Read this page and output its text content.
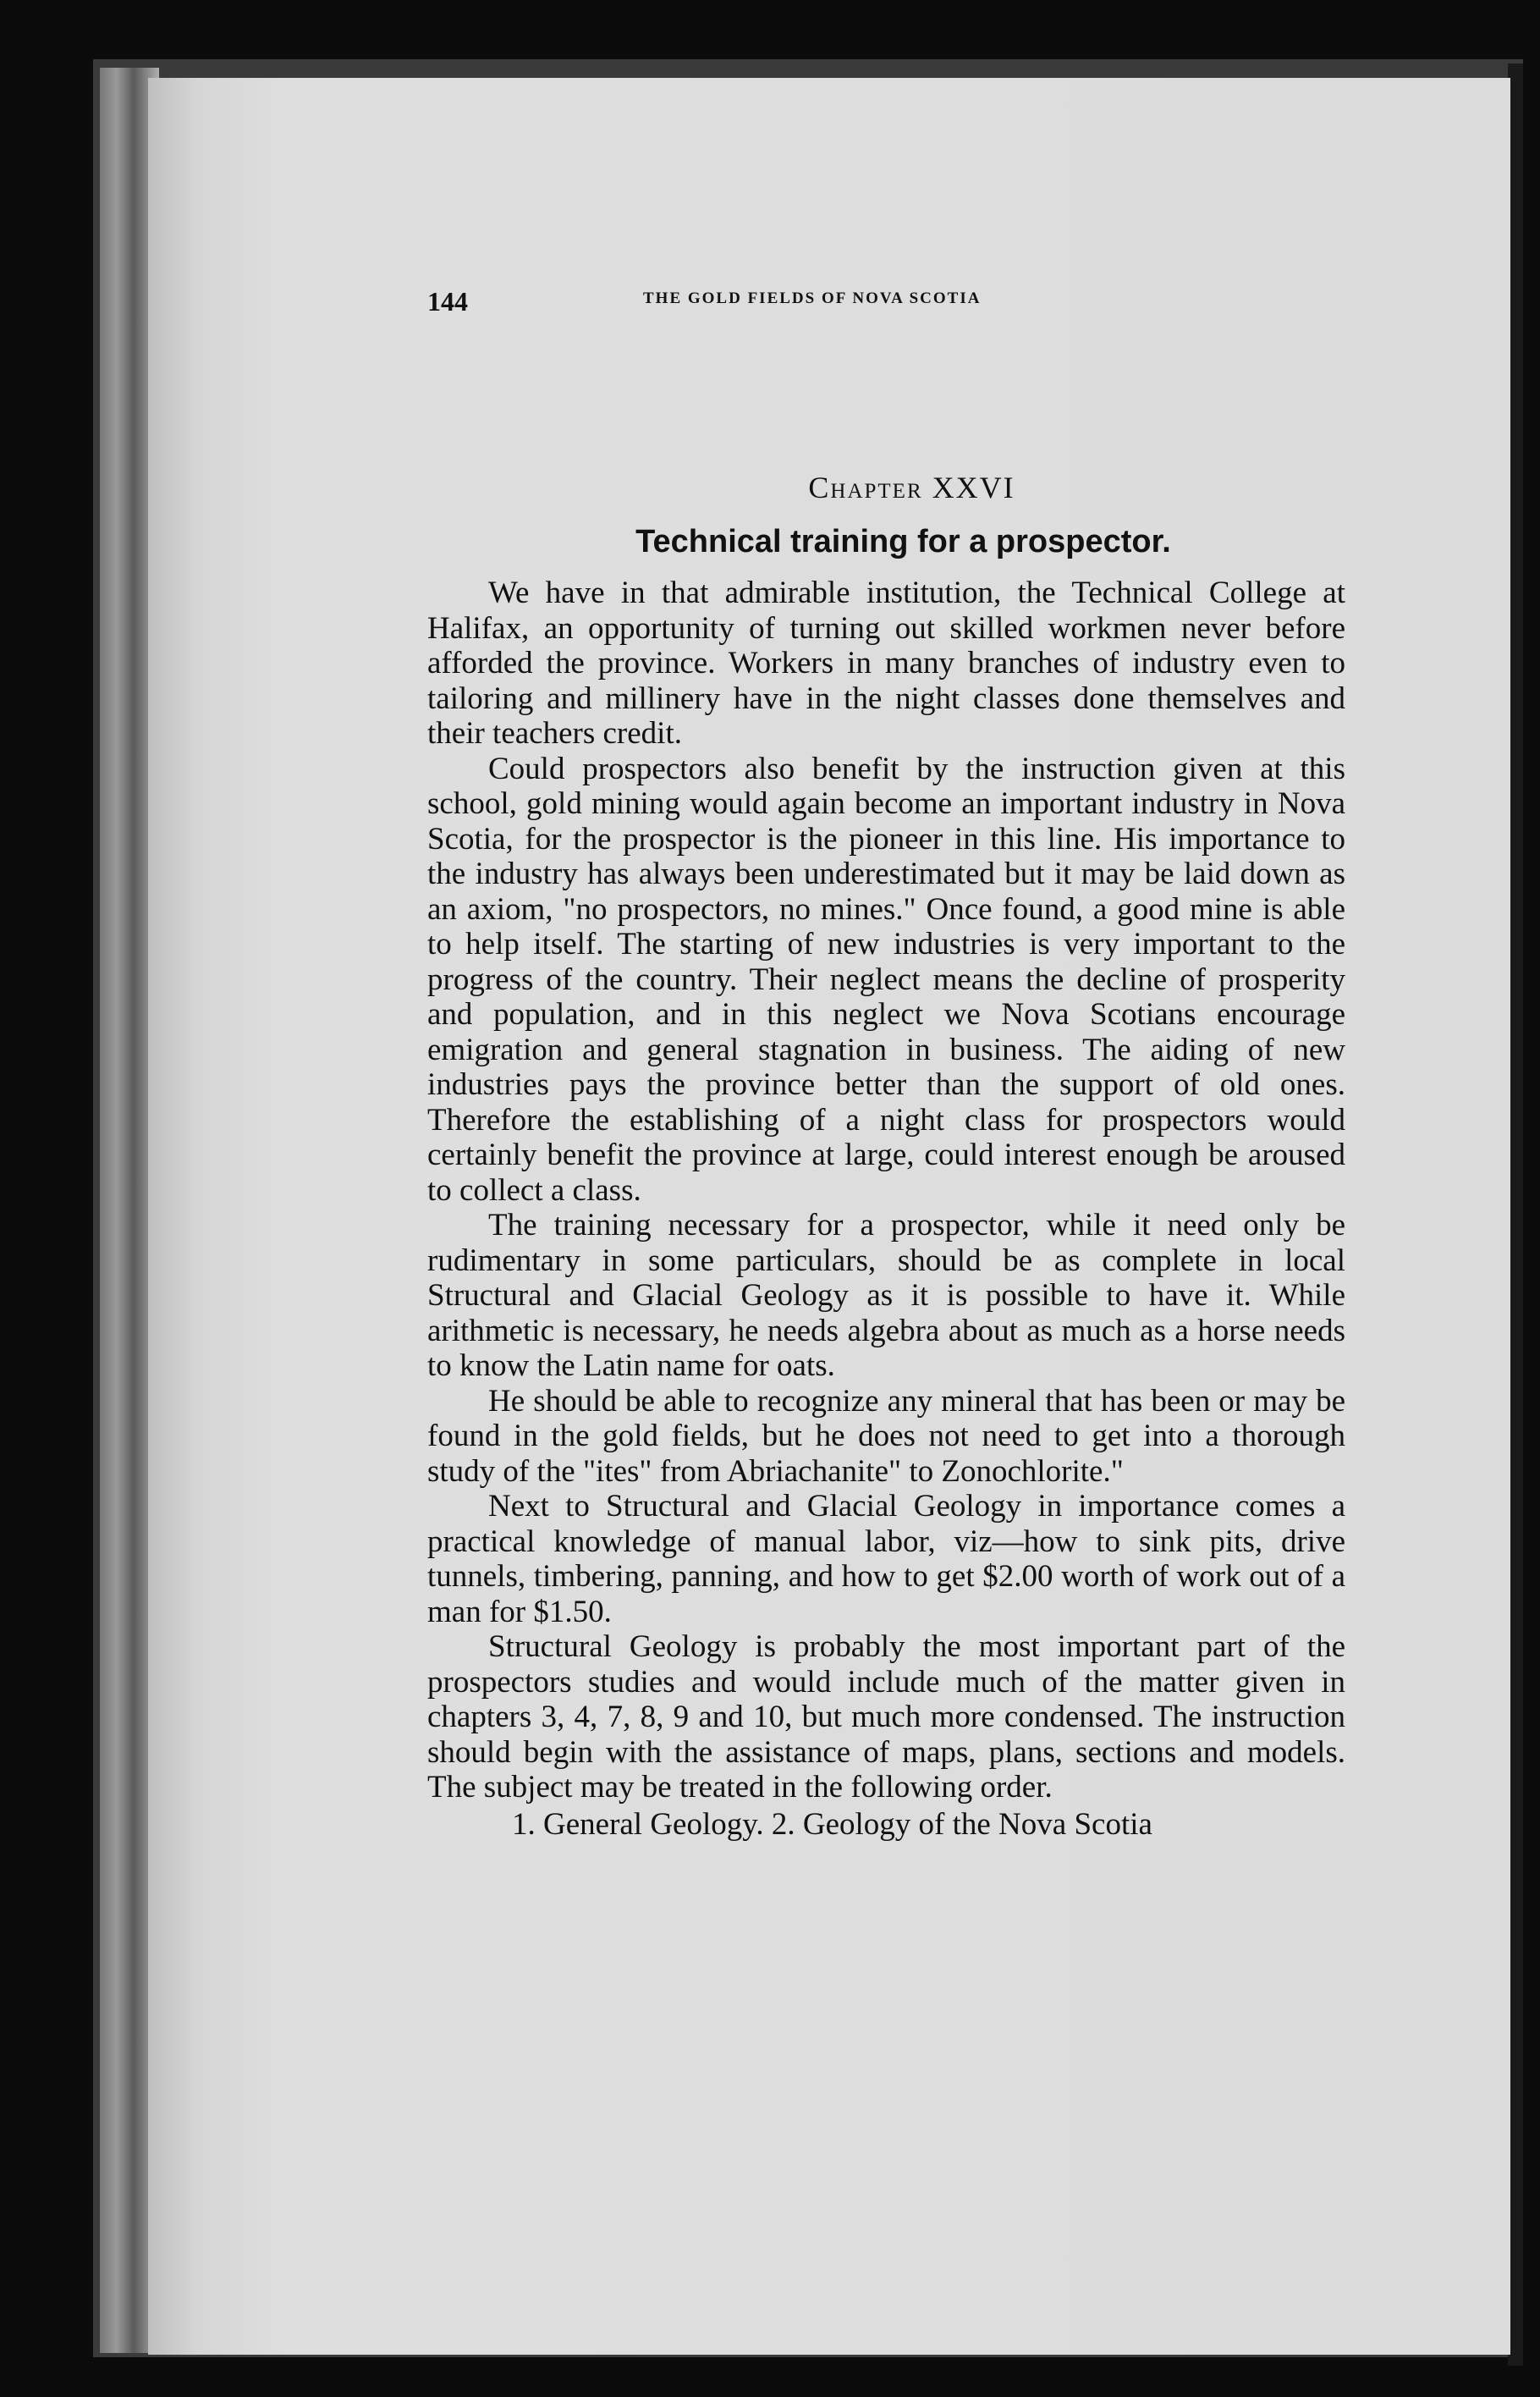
144	THE GOLD FIELDS OF NOVA SCOTIA
Chapter XXVI
Technical training for a prospector.

We have in that admirable institution, the Technical College at Halifax, an opportunity of turning out skilled workmen never before afforded the province. Workers in many branches of industry even to tailoring and millinery have in the night classes done themselves and their teachers credit.

Could prospectors also benefit by the instruction given at this school, gold mining would again become an important industry in Nova Scotia, for the prospector is the pioneer in this line. His importance to the industry has always been underestimated but it may be laid down as an axiom, "no prospectors, no mines." Once found, a good mine is able to help itself. The starting of new industries is very important to the progress of the country. Their neglect means the decline of prosperity and population, and in this neglect we Nova Scotians encourage emigration and general stagnation in business. The aiding of new industries pays the province better than the support of old ones. Therefore the establishing of a night class for prospectors would certainly benefit the province at large, could interest enough be aroused to collect a class.

The training necessary for a prospector, while it need only be rudimentary in some particulars, should be as complete in local Structural and Glacial Geology as it is possible to have it. While arithmetic is necessary, he needs algebra about as much as a horse needs to know the Latin name for oats.

He should be able to recognize any mineral that has been or may be found in the gold fields, but he does not need to get into a thorough study of the "ites" from Abriachanite" to Zonochlorite."

Next to Structural and Glacial Geology in importance comes a practical knowledge of manual labor, viz—how to sink pits, drive tunnels, timbering, panning, and how to get $2.00 worth of work out of a man for $1.50.

Structural Geology is probably the most important part of the prospectors studies and would include much of the matter given in chapters 3, 4, 7, 8, 9 and 10, but much more condensed. The instruction should begin with the assistance of maps, plans, sections and models. The subject may be treated in the following order.

1. General Geology. 2. Geology of the Nova Scotia
